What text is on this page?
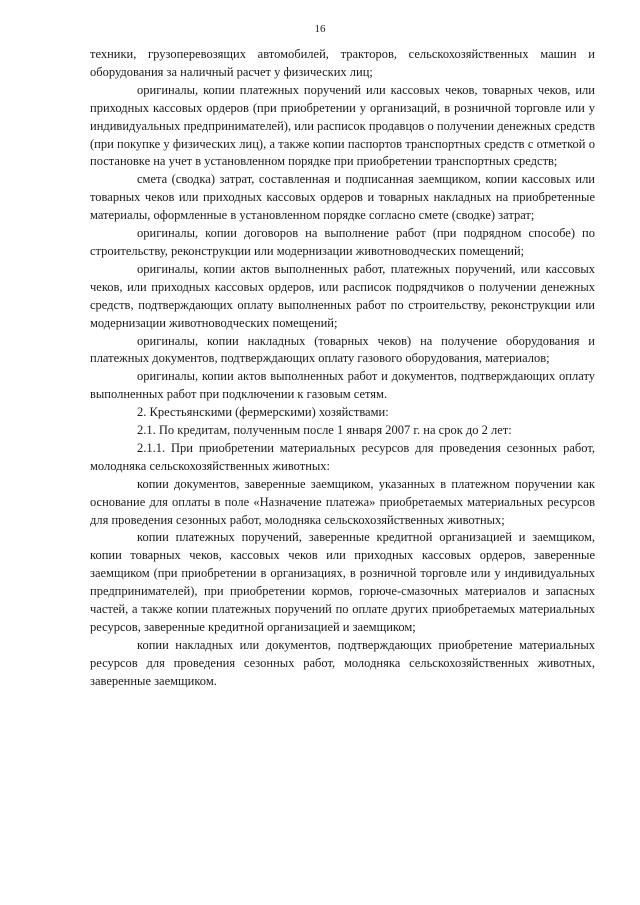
16

техники, грузоперевозящих автомобилей, тракторов, сельскохозяйственных машин и оборудования за наличный расчет у физических лиц;

оригиналы, копии платежных поручений или кассовых чеков, товарных чеков, или приходных кассовых ордеров (при приобретении у организаций, в розничной торговле или у индивидуальных предпринимателей), или расписок продавцов о получении денежных средств (при покупке у физических лиц), а также копии паспортов транспортных средств с отметкой о постановке на учет в установленном порядке при приобретении транспортных средств;

смета (сводка) затрат, составленная и подписанная заемщиком, копии кассовых или товарных чеков или приходных кассовых ордеров и товарных накладных на приобретенные материалы, оформленные в установленном порядке согласно смете (сводке) затрат;

оригиналы, копии договоров на выполнение работ (при подрядном способе) по строительству, реконструкции или модернизации животноводческих помещений;

оригиналы, копии актов выполненных работ, платежных поручений, или кассовых чеков, или приходных кассовых ордеров, или расписок подрядчиков о получении денежных средств, подтверждающих оплату выполненных работ по строительству, реконструкции или модернизации животноводческих помещений;

оригиналы, копии накладных (товарных чеков) на получение оборудования и платежных документов, подтверждающих оплату газового оборудования, материалов;

оригиналы, копии актов выполненных работ и документов, подтверждающих оплату выполненных работ при подключении к газовым сетям.

2. Крестьянскими (фермерскими) хозяйствами:

2.1. По кредитам, полученным после 1 января 2007 г. на срок до 2 лет:

2.1.1. При приобретении материальных ресурсов для проведения сезонных работ, молодняка сельскохозяйственных животных:

копии документов, заверенные заемщиком, указанных в платежном поручении как основание для оплаты в поле «Назначение платежа» приобретаемых материальных ресурсов для проведения сезонных работ, молодняка сельскохозяйственных животных;

копии платежных поручений, заверенные кредитной организацией и заемщиком, копии товарных чеков, кассовых чеков или приходных кассовых ордеров, заверенные заемщиком (при приобретении в организациях, в розничной торговле или у индивидуальных предпринимателей), при приобретении кормов, горюче-смазочных материалов и запасных частей, а также копии платежных поручений по оплате других приобретаемых материальных ресурсов, заверенные кредитной организацией и заемщиком;

копии накладных или документов, подтверждающих приобретение материальных ресурсов для проведения сезонных работ, молодняка сельскохозяйственных животных, заверенные заемщиком.
